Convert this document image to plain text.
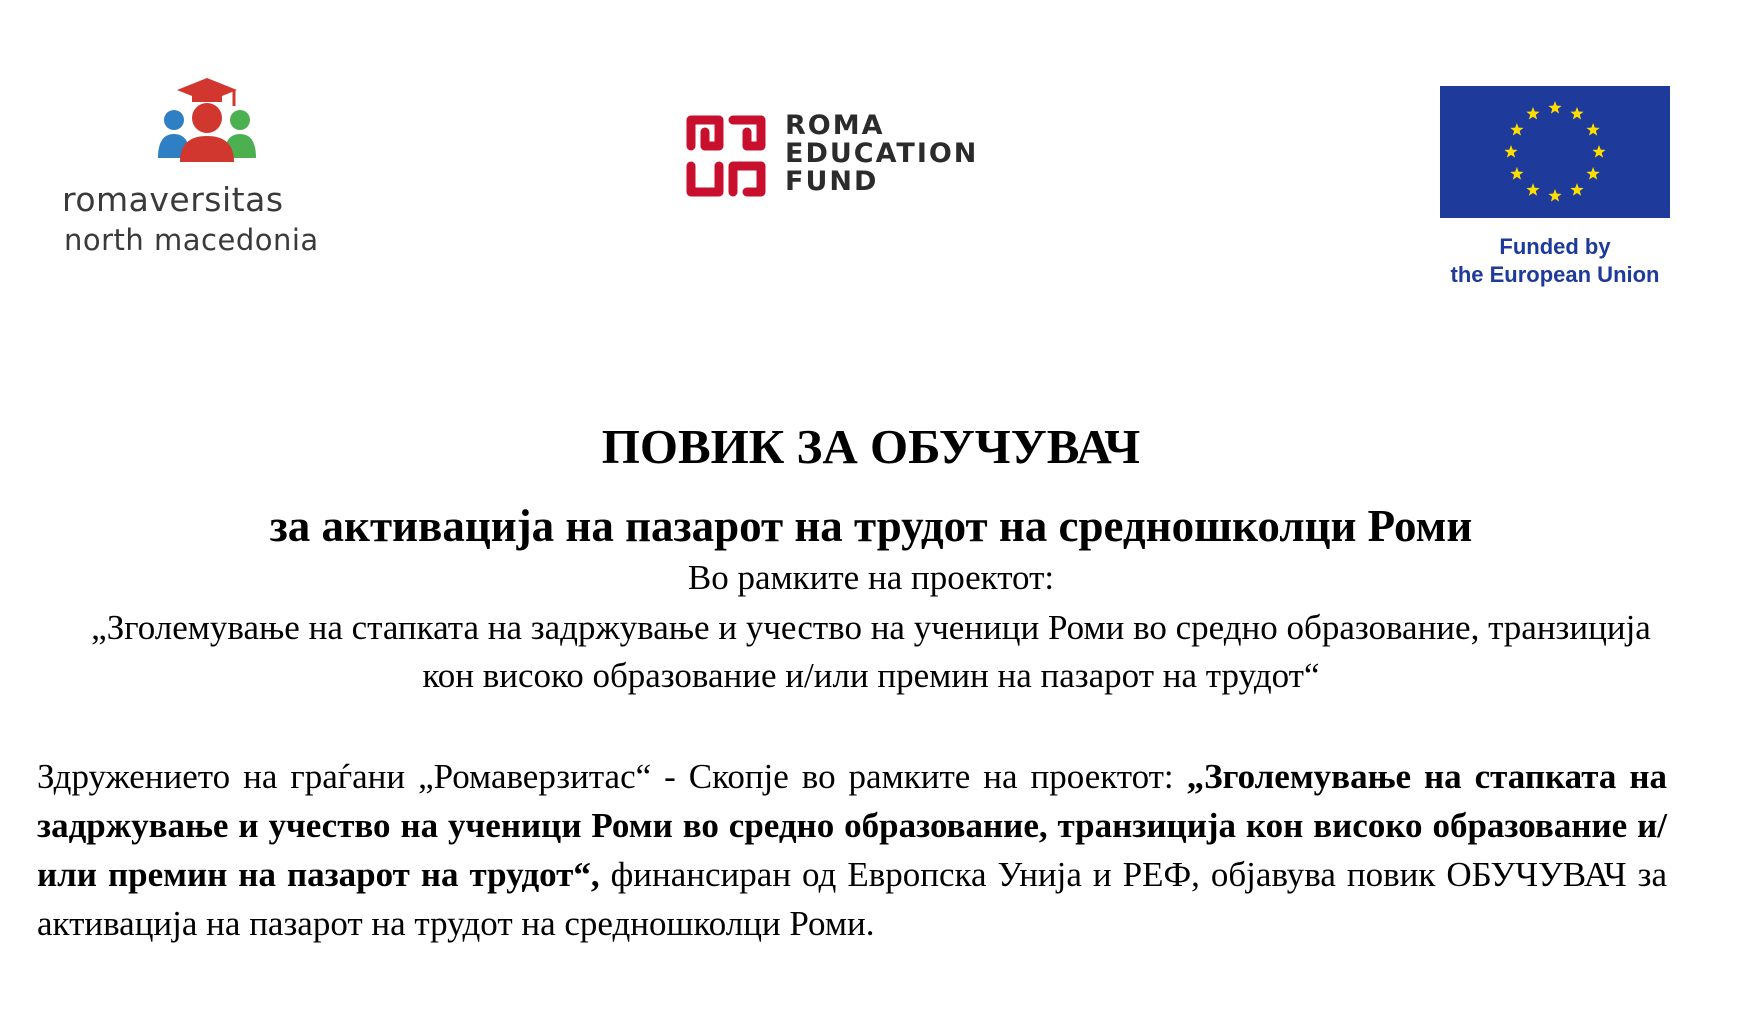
romaversitas
north macedonia
ROMA
EDUCATION
FUND
Funded by
the European Union
ПОВИК ЗА ОБУЧУВАЧ
за активација на пазарот на трудот на средношколци Роми
Во рамките на проектот:
„Зголемување на стапката на задржување и учество на ученици Роми во средно образование, транзиција кон високо образование и/или премин на пазарот на трудот“
Здружението на граѓани „Ромаверзитас“ - Скопје во рамките на проектот: „Зголемување на стапката на задржување и учество на ученици Роми во средно образование, транзиција кон високо образование и/или премин на пазарот на трудот“, финансиран од Европска Унија и РЕФ, објавува повик ОБУЧУВАЧ за активација на пазарот на трудот на средношколци Роми.
